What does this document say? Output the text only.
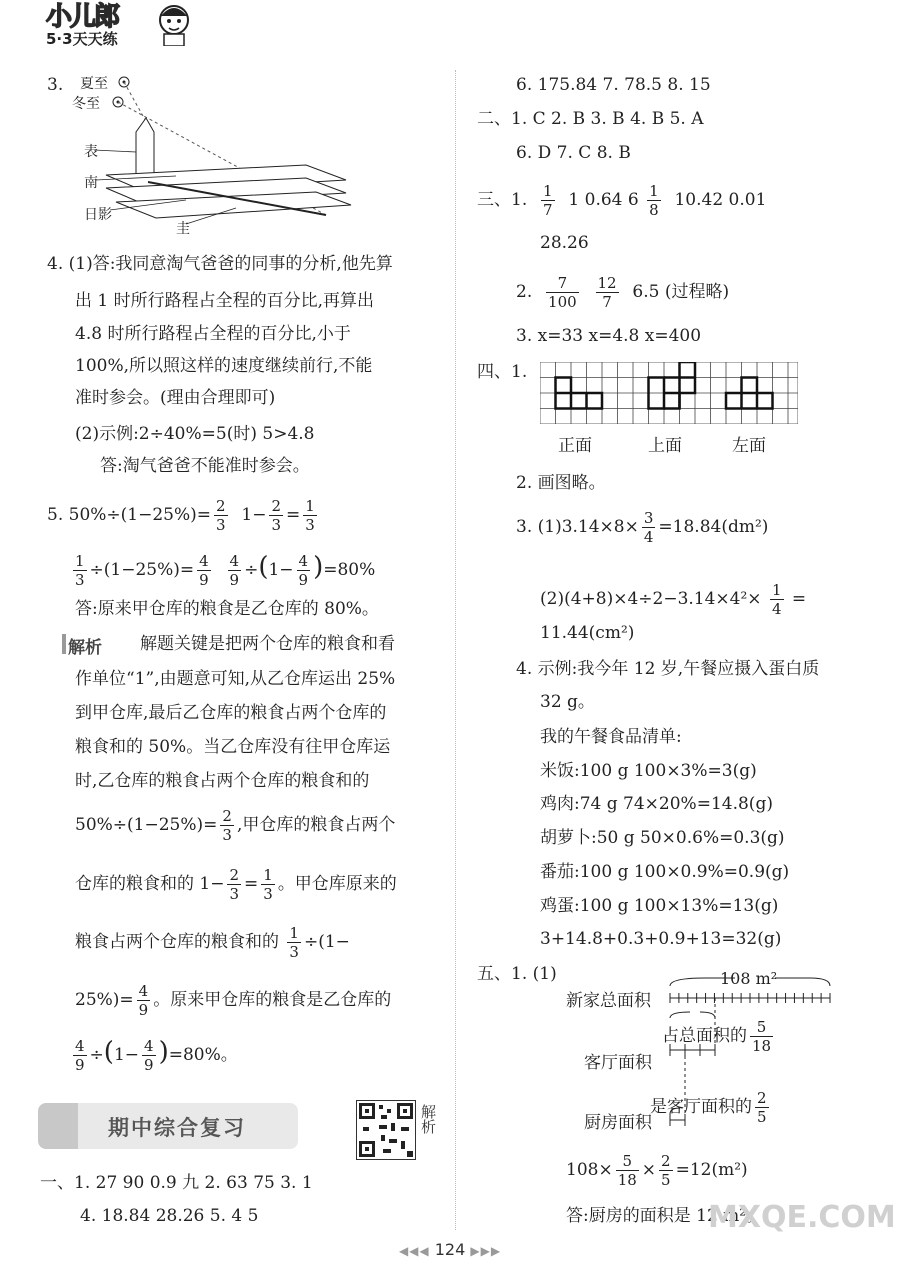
小儿郎
5·3天天练
3. 夏至
冬至
表
南
日影
圭
4. (1)答:我同意淘气爸爸的同事的分析,他先算
出 1 时所行路程占全程的百分比,再算出
4.8 时所行路程占全程的百分比,小于
100%,所以照这样的速度继续前行,不能
准时参会。(理由合理即可)
(2)示例:2÷40%=5(时) 5>4.8
答:淘气爸爸不能准时参会。
5. $50\%\div(1-25\%)= \frac{2}{3} 1- \frac{2}{3} = \frac{1}{3}$
$\frac{1}{3} \div(1-25\%)= \frac{4}{9}$
$\frac{4}{9} \div(1- \frac{4}{9} )=80\%$
答:原来甲仓库的粮食是乙仓库的 80%。
解析 解题关键是把两个仓库的粮食和看
作单位“1”,由题意可知,从乙仓库运出 25%
到甲仓库,最后乙仓库的粮食占两个仓库的
粮食和的 50%。当乙仓库没有往甲仓库运
时,乙仓库的粮食占两个仓库的粮食和的
$50\%\div(1-25\%)= \frac{2}{3}$ ,甲仓库的粮食占两个
仓库的粮食和的 $1- \frac{2}{3} = \frac{1}{3}$ 。甲仓库原来的
粮食占两个仓库的粮食和的 $\frac{1}{3} \div(1-$
$25\%)= \frac{4}{9}$ 。原来甲仓库的粮食是乙仓库的
$\frac{4}{9} \div(1- \frac{4}{9} )=80\%$。
期中综合复习	解析
一、1. 27 90 0.9 九 2. 63 75 3. 1
4. 18.84 28.26 5. 4 5
6. 175.84 7. 78.5 8. 15
二、1. C 2. B 3. B 4. B 5. A
6. D 7. C 8. B
三、1. $\frac{1}{7} 1$ 0.64 $6 \frac{1}{8} 10.42$ 0.01
28.26
2. $\frac{7}{100}$
$\frac{12}{7} 6.5$ (过程略)
3. x=33 x=4.8 x=400
四、1.
正面	上面	左面
2. 画图略。
3. $(1)3.14\times 8\times \frac{3}{4} =18.84(dm^2)$
$(2)(4+8)\times 4\div 2-3.14\times 4^2\times \frac{1}{4}$ =
11.44(cm²)
4. 示例:我今年 12 岁,午餐应摄入蛋白质
32 g。
我的午餐食品清单:
米饭:100 g 100×3%=3(g)
鸡肉:74 g 74×20%=14.8(g)
胡萝卜:50 g 50×0.6%=0.3(g)
番茄:100 g 100×0.9%=0.9(g)
鸡蛋:100 g 100×13%=13(g)
3+14.8+0.3+0.9+13=32(g)
五、1. (1)	108 m²
新家总面积
占总面积的 $\frac{5}{18}$
客厅面积
是客厅面积的 $\frac{2}{5}$
厨房面积
$108\times \frac{5}{18} \times \frac{2}{5} =12(m^2)$
答:厨房的面积是 12 m²。
MXQE.COM
◀◀◀ 124 ▶▶▶
